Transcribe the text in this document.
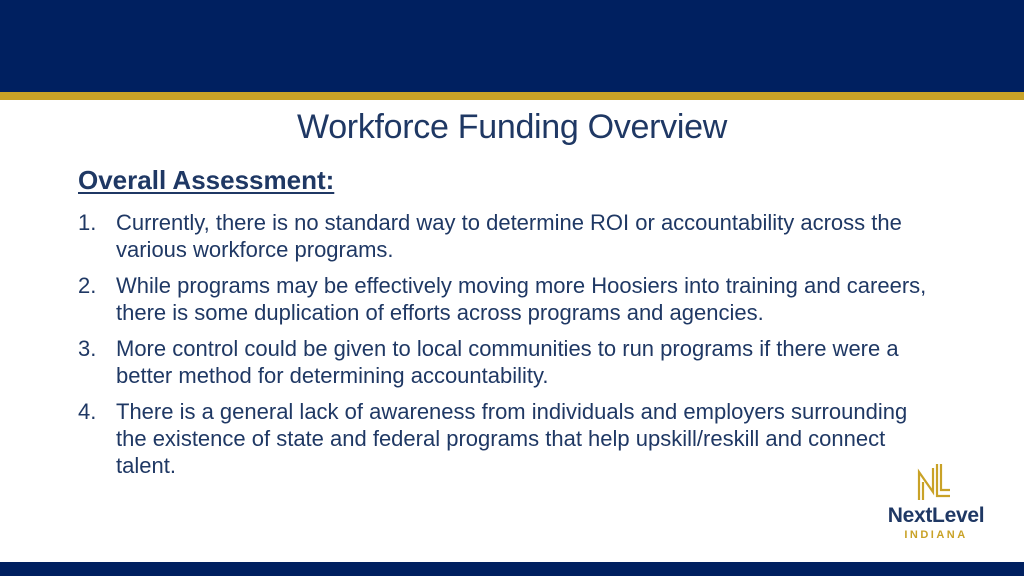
Workforce Funding Overview
Overall Assessment:
1. Currently, there is no standard way to determine ROI or accountability across the various workforce programs.
2. While programs may be effectively moving more Hoosiers into training and careers, there is some duplication of efforts across programs and agencies.
3. More control could be given to local communities to run programs if there were a better method for determining accountability.
4. There is a general lack of awareness from individuals and employers surrounding the existence of state and federal programs that help upskill/reskill and connect talent.
NextLevel
INDIANA
